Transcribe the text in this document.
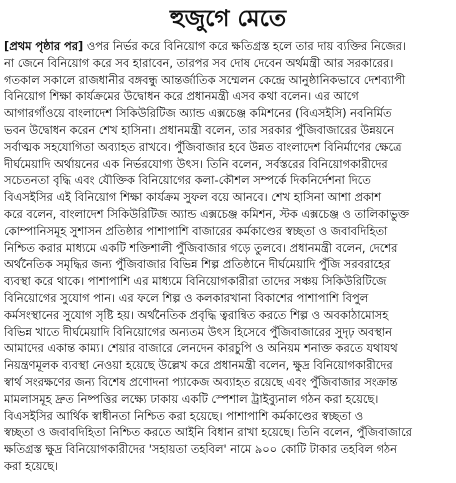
হুজুগে মেতে
[প্রথম পৃষ্ঠার পর] ওপর নির্ভর করে বিনিয়োগ করে ক্ষতিগ্রস্ত হলে তার দায় ব্যক্তির নিজের।
না জেনে বিনিয়োগ করে সব হারাবেন, তারপর সব দোষ দেবেন অর্থমন্ত্রী আর সরকারের।
গতকাল সকালে রাজধানীর বঙ্গবন্ধু আন্তর্জাতিক সম্মেলন কেন্দ্রে আনুষ্ঠানিকভাবে দেশব্যাপী
বিনিয়োগ শিক্ষা কার্যক্রমের উদ্বোধন করে প্রধানমন্ত্রী এসব কথা বলেন। এর আগে
আগারগাঁওয়ে বাংলাদেশ সিকিউরিটিজ অ্যান্ড এক্সচেঞ্জ কমিশনের (বিএসইসি) নবনির্মিত
ভবন উদ্বোধন করেন শেখ হাসিনা। প্রধানমন্ত্রী বলেন, তার সরকার পুঁজিবাজারের উন্নয়নে
সর্বাত্মক সহযোগিতা অব্যাহত রাখবে। পুঁজিবাজার হবে উন্নত বাংলাদেশ বিনির্মাণের ক্ষেত্রে
দীর্ঘমেয়াদি অর্থায়নের এক নির্ভরযোগ্য উৎস। তিনি বলেন, সর্বস্তরের বিনিয়োগকারীদের
সচেতনতা বৃদ্ধি এবং যৌক্তিক বিনিয়োগের কলা-কৌশল সম্পর্কে দিকনির্দেশনা দিতে
বিএসইসির এই বিনিয়োগ শিক্ষা কার্যক্রম সুফল বয়ে আনবে। শেখ হাসিনা আশা প্রকাশ
করে বলেন, বাংলাদেশ সিকিউরিটিজ অ্যান্ড এক্সচেঞ্জ কমিশন, স্টক এক্সচেঞ্জ ও তালিকাভুক্ত
কোম্পানিসমূহ সুশাসন প্রতিষ্ঠার পাশাপাশি বাজারের কর্মকাণ্ডের স্বচ্ছতা ও জবাবদিহিতা
নিশ্চিত করার মাধ্যমে একটি শক্তিশালী পুঁজিবাজার গড়ে তুলবে। প্রধানমন্ত্রী বলেন, দেশের
অর্থনৈতিক সমৃদ্ধির জন্য পুঁজিবাজার বিভিন্ন শিল্প প্রতিষ্ঠানে দীর্ঘমেয়াদি পুঁজি সরবরাহের
ব্যবস্থা করে থাকে। পাশাপাশি এর মাধ্যমে বিনিয়োগকারীরা তাদের সঞ্চয় সিকিউরিটিজে
বিনিয়োগের সুযোগ পান। এর ফলে শিল্প ও কলকারখানা বিকাশের পাশাপাশি বিপুল
কর্মসংস্থানের সুযোগ সৃষ্টি হয়। অর্থনৈতিক প্রবৃদ্ধি ত্বরান্বিত করতে শিল্প ও অবকাঠামোসহ
বিভিন্ন খাতে দীর্ঘমেয়াদি বিনিয়োগের অন্যতম উৎস হিসেবে পুঁজিবাজারের সুদৃঢ় অবস্থান
আমাদের একান্ত কাম্য। শেয়ার বাজারে লেনদেন কারচুপি ও অনিয়ম শনাক্ত করতে যথাযথ
নিয়ন্ত্রণমূলক ব্যবস্থা নেওয়া হয়েছে উল্লেখ করে প্রধানমন্ত্রী বলেন, ক্ষুদ্র বিনিয়োগকারীদের
স্বার্থ সংরক্ষণের জন্য বিশেষ প্রণোদনা প্যাকেজ অব্যাহত রয়েছে এবং পুঁজিবাজার সংক্রান্ত
মামলাসমূহ দ্রুত নিষ্পত্তির লক্ষ্যে ঢাকায় একটি স্পেশাল ট্রাইব্যুনাল গঠন করা হয়েছে।
বিএসইসির আর্থিক স্বাধীনতা নিশ্চিত করা হয়েছে। পাশাপাশি কর্মকাণ্ডের স্বচ্ছতা ও
স্বচ্ছতা ও জবাবদিহিতা নিশ্চিত করতে আইনি বিধান রাখা হয়েছে। তিনি বলেন, পুঁজিবাজারে
ক্ষতিগ্রস্ত ক্ষুদ্র বিনিয়োগকারীদের 'সহায়তা তহবিল' নামে ৯০০ কোটি টাকার তহবিল গঠন
করা হয়েছে।
